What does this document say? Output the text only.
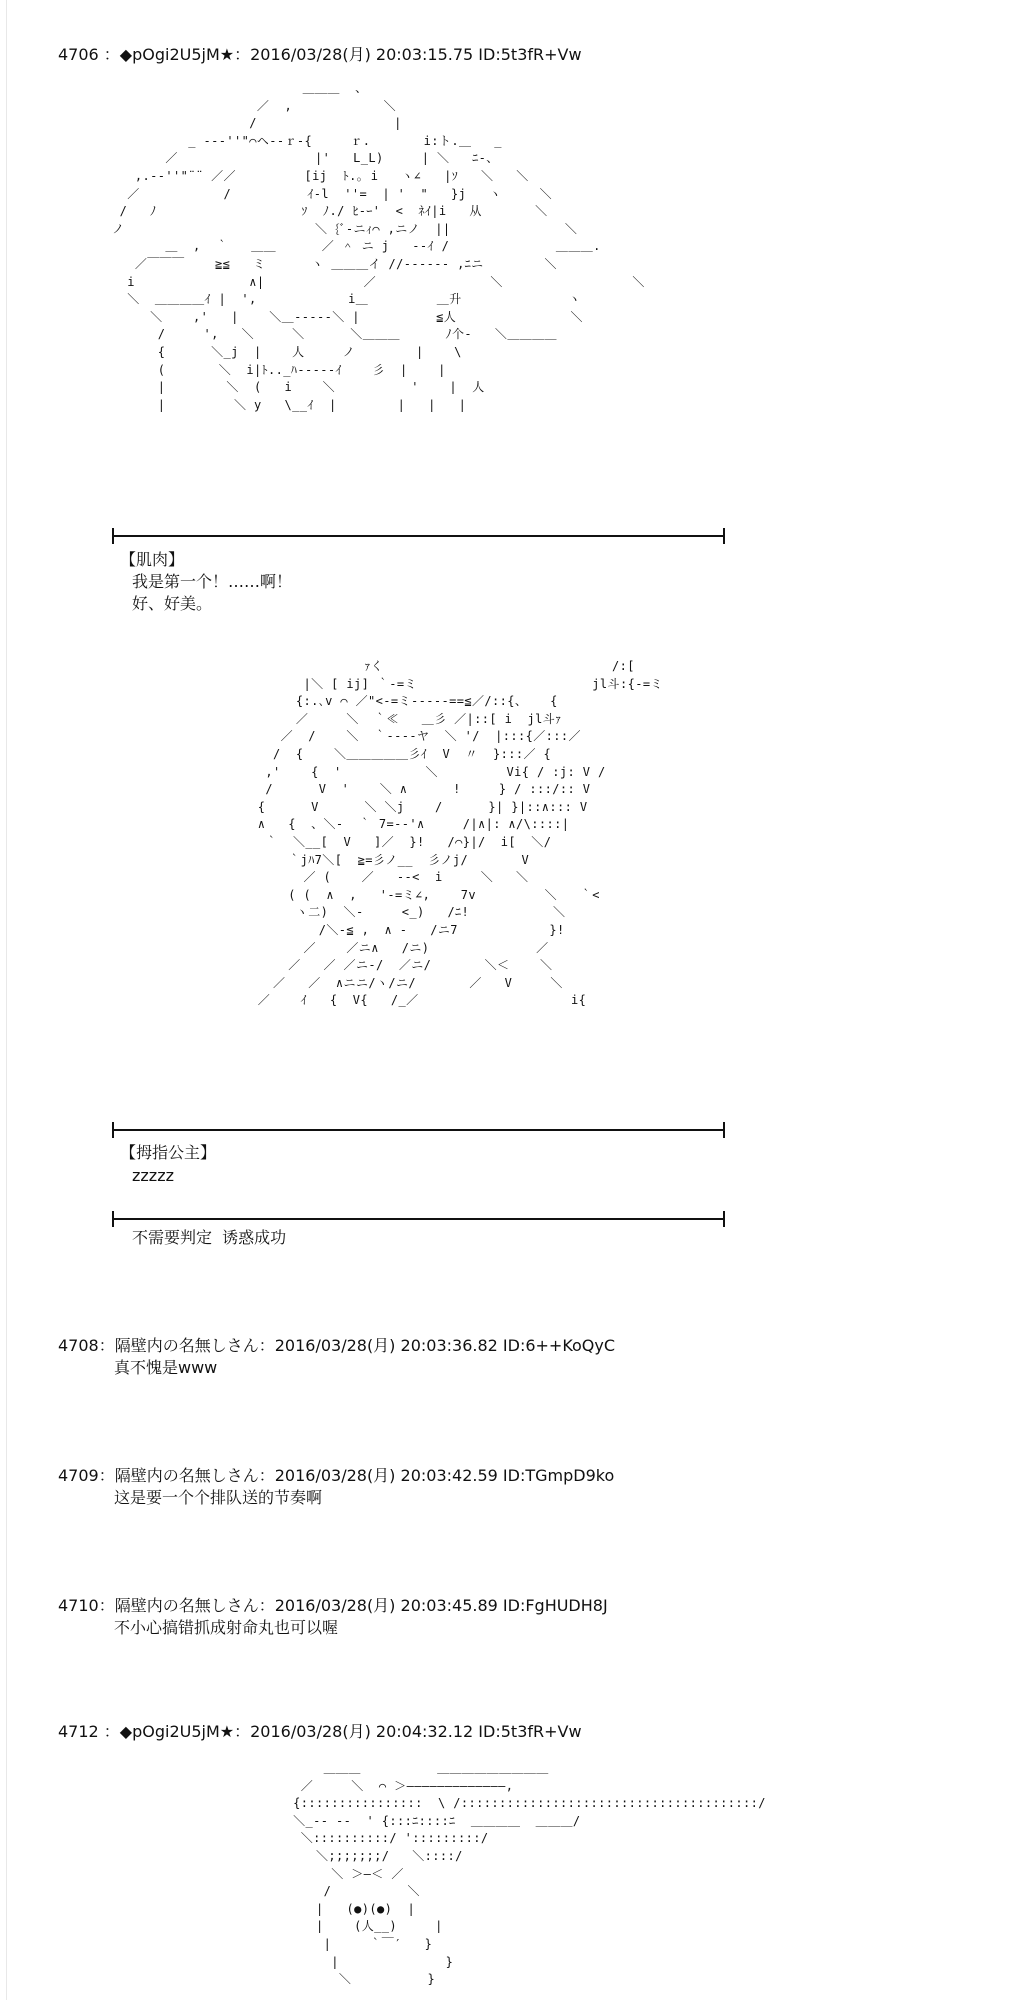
4706 ：◆pOgi2U5jM★：2016/03/28(月) 20:03:15.75 ID:5t3fR+Vw
＿＿＿  、
／  ,            ＼
/                  |
_ -‐‐''"⌒ヘ-‐ｒ‐{     ｒ.       i:ト.＿   _
／                  |'   L_L)     | ＼   ﾆ‐、
,.-‐''"¨¨ ／／         [ij  ﾄ.｡ i   ヽ∠   |ｿ   ＼   ＼
／           /          ｲ-l  ''=  | '  "   }j   ヽ     ＼
/   ﾉ                   ｿ  ﾉ./ ﾋ-ｰ'  <  ﾈｲ|i   从       ＼
ノ                         ＼ {ﾞ‐ニｨ⌒ ,ニノ  ||               ＼
＿  ,  ｀   ＿＿      ／ ＾ ニ j   ‐-ｲ /              ＿＿＿.
／￣￣￣    ≧≦   ミ      ヽ ＿＿＿イ //‐‐‐‐‐‐ ,ﾆニ        ＼
i               ∧|             ／               ＼                 ＼
＼  ＿＿＿＿ｲ |  ',            i＿         ＿升              ヽ
＼    ,'   |    ＼＿-‐‐‐‐＼ |          ≦人               ＼
/     ',   ＼     ＼      ＼＿＿＿      ﾉ个-   ＼＿＿＿＿
{      ＼_j  |    人     ノ        |    \
(       ＼  i|ﾄ.._ﾊ‐‐‐‐‐ｲ    彡  |    |
|        ＼  (   i    ＼          '    |  人
|         ＼ y   \__ｲ  |        |   |   |
【肌肉】
我是第一个！……啊！
好、好美。
ｧく                              /:[
|＼ [ ij] ｀‐=ミ                       jl斗:{‐=ミ
{:.､v ⌒ ／"<‐=ミ‐‐‐‐‐==≦／/::{、   {
／     ＼  ｀≪   ＿彡 ／|::[ i  jl斗ｧ
／  /    ＼  ｀‐‐‐‐ヤ  ＼ '/  |:::{／:::／
/  {    ＼＿＿＿＿＿彡ｲ  V  〃  }:::／ {
,'    {  '           ＼         Vi{ / :j: V /
/      V  '    ＼ ∧      !     } / :::/:: V
{      V      ＼ ＼j    /      }| }|::∧::: V
∧   {  、＼‐  ｀ 7=‐‐'∧     /|∧|: ∧/\::::|
｀  ＼__[  V   ]／  }!   /⌒}|/  i[  ＼/
｀jﾊ7＼[  ≧=彡ノ__  彡ノj/       V
／ (    ／   ‐-<  i     ＼   ＼
( (  ∧  ,   '‐=ミ∠,    7v         ＼   ｀<
ヽ二)  ＼‐     <_)   /ﾆ!           ＼
/＼‐≦ ,  ∧ ‐   /ニ7            }!
／    ／ニ∧   /ニ)              ／
／   ／ ／ニ‐/  ／ニ/       ＼＜    ＼
／   ／  ∧ニニ/ヽ/ニ/       ／   V     ＼
／    ｲ   {  V{   /_／                    i{
【拇指公主】
zzzzz
不需要判定  诱惑成功
4708：隔壁内の名無しさん：2016/03/28(月) 20:03:36.82 ID:6++KoQyC
真不愧是www
4709：隔壁内の名無しさん：2016/03/28(月) 20:03:42.59 ID:TGmpD9ko
这是要一个个排队送的节奏啊
4710：隔壁内の名無しさん：2016/03/28(月) 20:03:45.89 ID:FgHUDH8J
不小心搞错抓成射命丸也可以喔
4712 ：◆pOgi2U5jM★：2016/03/28(月) 20:04:32.12 ID:5t3fR+Vw
＿＿＿          ＿＿＿＿＿＿＿＿＿
／     ＼  ⌒ ＞―――――――――――――,
{::::::::::::::::  \ /:::::::::::::::::::::::::::::::::::::::/
＼_‐‐ --  ' {:::ﾆ::::ﾆ  ＿＿＿＿  ＿＿＿/
＼::::::::::/ ':::::::::/
＼;;;;;;;/   ＼::::/
＼ ＞―＜ ／
/          ＼
|   (●)(●)  |
|    (人__)     |
|     ｀￣′   }
|              }
＼          }
